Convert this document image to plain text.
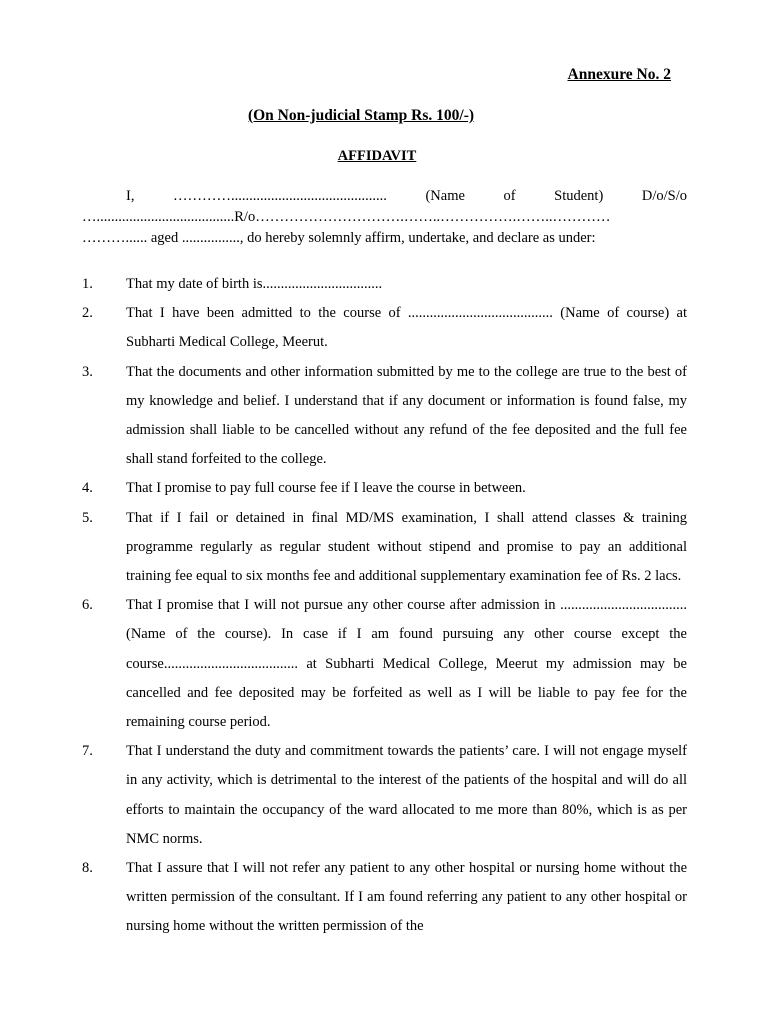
Annexure No. 2
(On Non-judicial Stamp Rs. 100/-)
AFFIDAVIT
I, …………........................................... (Name of Student) D/o/S/o
…......................................R/o………………………….……..…………….……..…………
………...... aged ................, do hereby solemnly affirm, undertake, and declare as under:
1. That my date of birth is.................................
2. That I have been admitted to the course of ........................................ (Name of course) at Subharti Medical College, Meerut.
3. That the documents and other information submitted by me to the college are true to the best of my knowledge and belief. I understand that if any document or information is found false, my admission shall liable to be cancelled without any refund of the fee deposited and the full fee shall stand forfeited to the college.
4. That I promise to pay full course fee if I leave the course in between.
5. That if I fail or detained in final MD/MS examination, I shall attend classes & training programme regularly as regular student without stipend and promise to pay an additional training fee equal to six months fee and additional supplementary examination fee of Rs. 2 lacs.
6. That I promise that I will not pursue any other course after admission in ................................... (Name of the course). In case if I am found pursuing any other course except the course..................................... at Subharti Medical College, Meerut my admission may be cancelled and fee deposited may be forfeited as well as I will be liable to pay fee for the remaining course period.
7. That I understand the duty and commitment towards the patients’ care. I will not engage myself in any activity, which is detrimental to the interest of the patients of the hospital and will do all efforts to maintain the occupancy of the ward allocated to me more than 80%, which is as per NMC norms.
8. That I assure that I will not refer any patient to any other hospital or nursing home without the written permission of the consultant. If I am found referring any patient to any other hospital or nursing home without the written permission of the
